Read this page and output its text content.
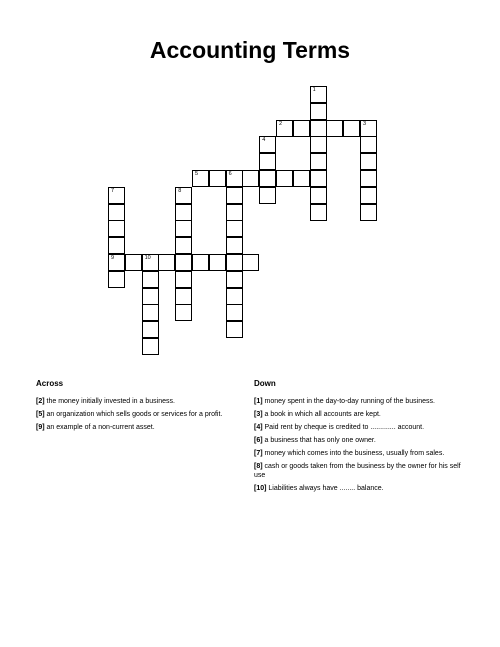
Accounting Terms
1
2	3
4
5	6
7	8
9	10
Across
[2] the money initially invested in a business.
[5] an organization which sells goods or services for a profit.
[9] an example of a non-current asset.
Down
[1] money spent in the day-to-day running of the business.
[3] a book in which all accounts are kept.
[4] Paid rent by cheque is credited to ............. account.
[6] a business that has only one owner.
[7] money which comes into the business, usually from sales.
[8] cash or goods taken from the business by the owner for his self use
[10] Liabilities always have ........ balance.
